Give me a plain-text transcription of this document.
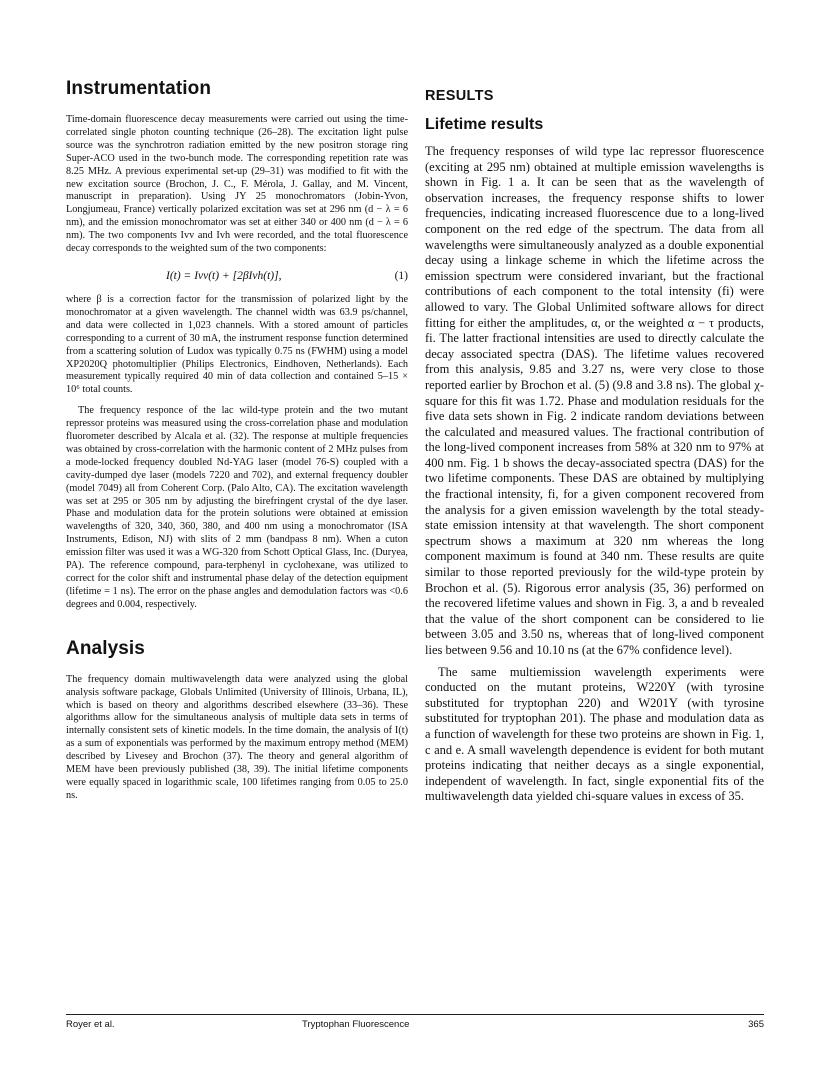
Instrumentation

Time-domain fluorescence decay measurements were carried out using the time-correlated single photon counting technique (26–28). The excitation light pulse source was the synchrotron radiation emitted by the new positron storage ring Super-ACO used in the two-bunch mode. The corresponding repetition rate was 8.25 MHz. A previous experimental set-up (29–31) was modified to fit with the new excitation source (Brochon, J. C., F. Mérola, J. Gallay, and M. Vincent, manuscript in preparation). Using JY 25 monochromators (Jobin-Yvon, Longjumeau, France) vertically polarized excitation was set at 296 nm (d − λ = 6 nm), and the emission monochromator was set at either 340 or 400 nm (d − λ = 6 nm). The two components Ivv and Ivh were recorded, and the total fluorescence decay corresponds to the weighted sum of the two components:

I(t) = Ivv(t) + [2βIvh(t)],	(1)

where β is a correction factor for the transmission of polarized light by the monochromator at a given wavelength. The channel width was 63.9 ps/channel, and data were collected in 1,023 channels. With a stored amount of particles corresponding to a current of 30 mA, the instrument response function determined from a scattering solution of Ludox was typically 0.75 ns (FWHM) using a model XP2020Q photomultiplier (Philips Electronics, Eindhoven, Netherlands). Each measurement typically required 40 min of data collection and contained 5–15 × 10⁶ total counts.

The frequency responce of the lac wild-type protein and the two mutant repressor proteins was measured using the cross-correlation phase and modulation fluorometer described by Alcala et al. (32). The response at multiple frequencies was obtained by cross-correlation with the harmonic content of 2 MHz pulses from a mode-locked frequency doubled Nd-YAG laser (model 76-S) coupled with a cavity-dumped dye laser (models 7220 and 702), and external frequency doubler (model 7049) all from Coherent Corp. (Palo Alto, CA). The excitation wavelength was set at 295 or 305 nm by adjusting the birefringent crystal of the dye laser. Phase and modulation data for the protein solutions were obtained at emission wavelengths of 320, 340, 360, 380, and 400 nm using a monochromator (ISA Instruments, Edison, NJ) with slits of 2 mm (bandpass 8 nm). When a cuton emission filter was used it was a WG-320 from Schott Optical Glass, Inc. (Duryea, PA). The reference compound, para-terphenyl in cyclohexane, was utilized to correct for the color shift and instrumental phase delay of the detection equipment (lifetime = 1 ns). The error on the phase angles and demodulation factors was <0.6 degrees and 0.004, respectively.

Analysis

The frequency domain multiwavelength data were analyzed using the global analysis software package, Globals Unlimited (University of Illinois, Urbana, IL), which is based on theory and algorithms described elsewhere (33–36). These algorithms allow for the simultaneous analysis of multiple data sets in terms of internally consistent sets of kinetic models. In the time domain, the analysis of I(t) as a sum of exponentials was performed by the maximum entropy method (MEM) described by Livesey and Brochon (37). The theory and general algorithm of MEM have been previously published (38, 39). The initial lifetime components were equally spaced in logarithmic scale, 100 lifetimes ranging from 0.05 to 25.0 ns.

RESULTS
Lifetime results

The frequency responses of wild type lac repressor fluorescence (exciting at 295 nm) obtained at multiple emission wavelengths is shown in Fig. 1 a. It can be seen that as the wavelength of observation increases, the frequency response shifts to lower frequencies, indicating increased fluorescence due to a long-lived component on the red edge of the spectrum. The data from all wavelengths were simultaneously analyzed as a double exponential decay using a linkage scheme in which the lifetime across the emission spectrum were considered invariant, but the fractional contributions of each component to the total intensity (fi) were allowed to vary. The Global Unlimited software allows for direct fitting for either the amplitudes, α, or the weighted α − τ products, fi. The latter fractional intensities are used to directly calculate the decay associated spectra (DAS). The lifetime values recovered from this analysis, 9.85 and 3.27 ns, were very close to those reported earlier by Brochon et al. (5) (9.8 and 3.8 ns). The global χ-square for this fit was 1.72. Phase and modulation residuals for the five data sets shown in Fig. 2 indicate random deviations between the calculated and measured values. The fractional contribution of the long-lived component increases from 58% at 320 nm to 97% at 400 nm. Fig. 1 b shows the decay-associated spectra (DAS) for the two lifetime components. These DAS are obtained by multiplying the fractional intensity, fi, for a given component recovered from the analysis for a given emission wavelength by the total steady-state emission intensity at that wavelength. The short component spectrum shows a maximum at 320 nm whereas the long component maximum is found at 340 nm. These results are quite similar to those reported previously for the wild-type protein by Brochon et al. (5). Rigorous error analysis (35, 36) performed on the recovered lifetime values and shown in Fig. 3, a and b revealed that the value of the short component can be considered to lie between 3.05 and 3.50 ns, whereas that of long-lived component lies between 9.56 and 10.10 ns (at the 67% confidence level).

The same multiemission wavelength experiments were conducted on the mutant proteins, W220Y (with tyrosine substituted for tryptophan 220) and W201Y (with tyrosine substituted for tryptophan 201). The phase and modulation data as a function of wavelength for these two proteins are shown in Fig. 1, c and e. A small wavelength dependence is evident for both mutant proteins indicating that neither decays as a single exponential, independent of wavelength. In fact, single exponential fits of the multiwavelength data yielded chi-square values in excess of 35.

Royer et al.	Tryptophan Fluorescence	365
